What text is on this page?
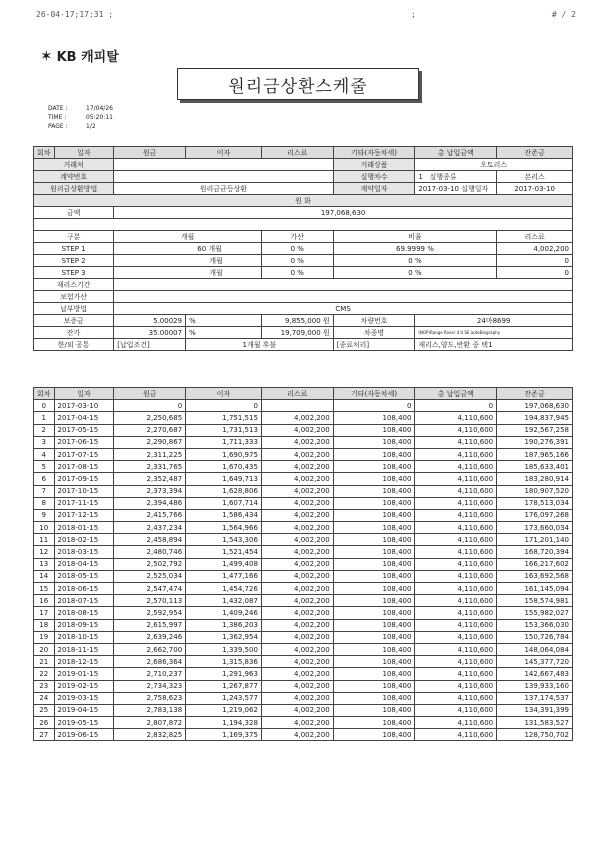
26-04-17;17:31 ;	;	# / 2
✶ KB 캐피탈
원리금상환스케줄
DATE :	17/04/26
TIME :	05:20:11
PAGE :	1/2
회차	일자	원금	이자	리스료	기타(자동차세)	총 납입금액	잔존금
거래처					거래상품	오토리스	
계약번호					실행차수	1 실행종류	본리스
원리금상환방법		원리금균등상환			계약일자	2017-03-10 실행일자	2017-03-10
원 화							
금액		197,068,630					

구분		개월		가산	비율		리스료
STEP 1		60 개월		0 %	69.9999 %		4,002,200
STEP 2		개월		0 %	0 %		0
STEP 3		개월		0 %	0 %		0
재리스기간							
보험가산							
납부방법		CMS					
보증금		5.00029	%	9,855,000 원	차량번호	24마8699	
잔가		35.00007	%	19,709,000 원	차종명	(NOP)Range Rover 4.0 SE autoBiography	
한/외 공통		[납입조건]	1개월 후불		[종료처리]	재리스,양도,반환 중 택1	
회차	일자	원금	이자	리스료	기타(자동차세)	총 납입금액	잔존금
0	2017-03-10	0	0		0	0	197,068,630
1	2017-04-15	2,250,685	1,751,515	4,002,200	108,400	4,110,600	194,837,945
2	2017-05-15	2,270,687	1,731,513	4,002,200	108,400	4,110,600	192,567,258
3	2017-06-15	2,290,867	1,711,333	4,002,200	108,400	4,110,600	190,276,391
4	2017-07-15	2,311,225	1,690,975	4,002,200	108,400	4,110,600	187,965,166
5	2017-08-15	2,331,765	1,670,435	4,002,200	108,400	4,110,600	185,633,401
6	2017-09-15	2,352,487	1,649,713	4,002,200	108,400	4,110,600	183,280,914
7	2017-10-15	2,373,394	1,628,806	4,002,200	108,400	4,110,600	180,907,520
8	2017-11-15	2,394,486	1,607,714	4,002,200	108,400	4,110,600	178,513,034
9	2017-12-15	2,415,766	1,586,434	4,002,200	108,400	4,110,600	176,097,268
10	2018-01-15	2,437,234	1,564,966	4,002,200	108,400	4,110,600	173,660,034
11	2018-02-15	2,458,894	1,543,306	4,002,200	108,400	4,110,600	171,201,140
12	2018-03-15	2,480,746	1,521,454	4,002,200	108,400	4,110,600	168,720,394
13	2018-04-15	2,502,792	1,499,408	4,002,200	108,400	4,110,600	166,217,602
14	2018-05-15	2,525,034	1,477,166	4,002,200	108,400	4,110,600	163,692,568
15	2018-06-15	2,547,474	1,454,726	4,002,200	108,400	4,110,600	161,145,094
16	2018-07-15	2,570,113	1,432,087	4,002,200	108,400	4,110,600	158,574,981
17	2018-08-15	2,592,954	1,409,246	4,002,200	108,400	4,110,600	155,982,027
18	2018-09-15	2,615,997	1,386,203	4,002,200	108,400	4,110,600	153,366,030
19	2018-10-15	2,639,246	1,362,954	4,002,200	108,400	4,110,600	150,726,784
20	2018-11-15	2,662,700	1,339,500	4,002,200	108,400	4,110,600	148,064,084
21	2018-12-15	2,686,364	1,315,836	4,002,200	108,400	4,110,600	145,377,720
22	2019-01-15	2,710,237	1,291,963	4,002,200	108,400	4,110,600	142,667,483
23	2019-02-15	2,734,323	1,267,877	4,002,200	108,400	4,110,600	139,933,160
24	2019-03-15	2,758,623	1,243,577	4,002,200	108,400	4,110,600	137,174,537
25	2019-04-15	2,783,138	1,219,062	4,002,200	108,400	4,110,600	134,391,399
26	2019-05-15	2,807,872	1,194,328	4,002,200	108,400	4,110,600	131,583,527
27	2019-06-15	2,832,825	1,169,375	4,002,200	108,400	4,110,600	128,750,702
